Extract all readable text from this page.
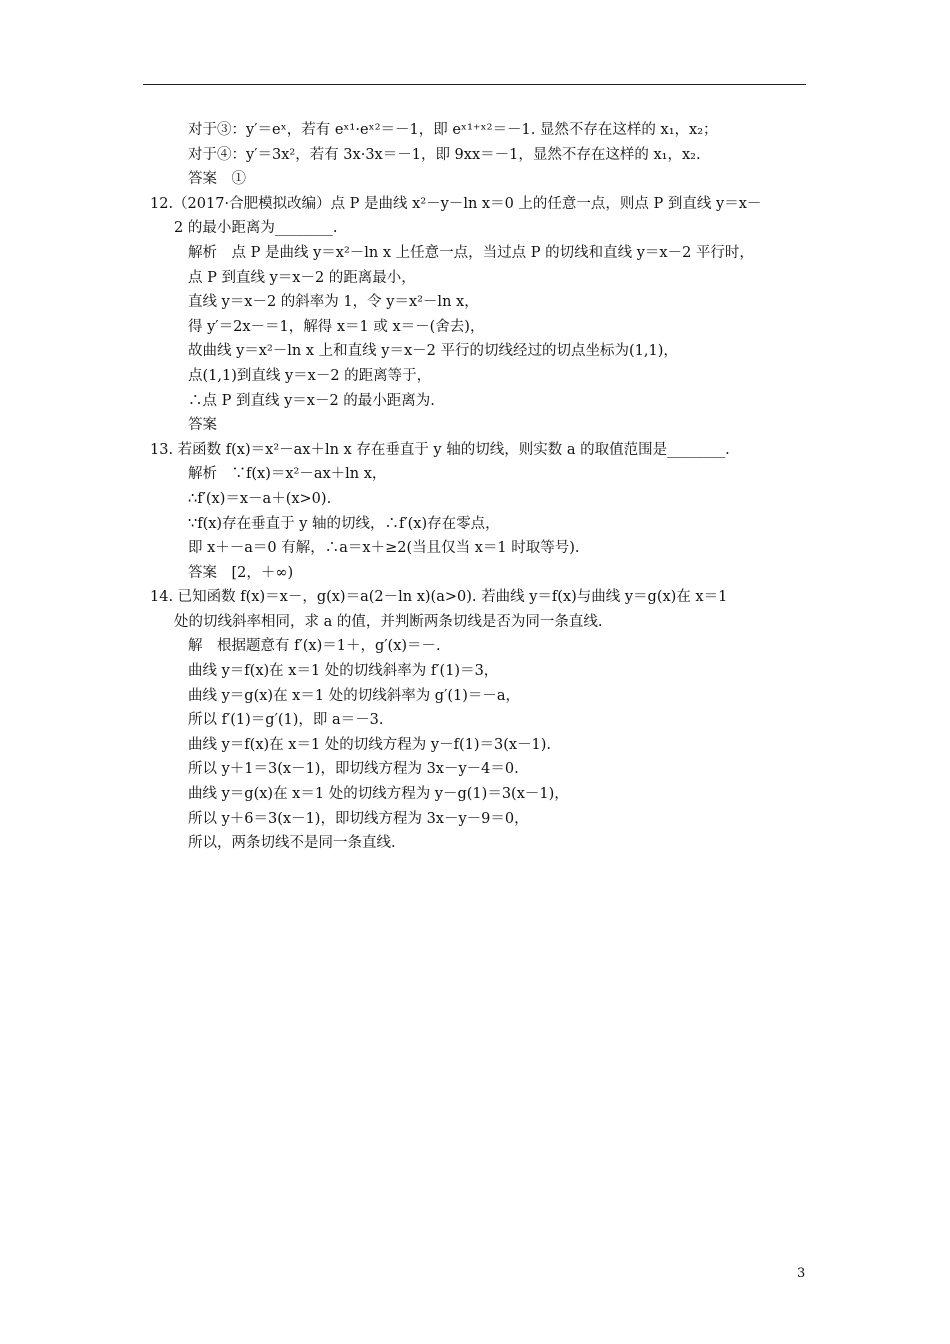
对于③：y′＝eˣ，若有 eˣ¹·eˣ²＝－1，即 eˣ¹⁺ˣ²＝－1. 显然不存在这样的 x₁，x₂；
对于④：y′＝3x²，若有 3x·3x＝－1，即 9xx＝－1，显然不存在这样的 x₁，x₂.
答案　①
12.（2017·合肥模拟改编）点 P 是曲线 x²－y－ln x＝0 上的任意一点，则点 P 到直线 y＝x－
2 的最小距离为________.
解析　点 P 是曲线 y＝x²－ln x 上任意一点，当过点 P 的切线和直线 y＝x－2 平行时，
点 P 到直线 y＝x－2 的距离最小，
直线 y＝x－2 的斜率为 1，令 y＝x²－ln x，
得 y′＝2x－＝1，解得 x＝1 或 x＝－(舍去)，
故曲线 y＝x²－ln x 上和直线 y＝x－2 平行的切线经过的切点坐标为(1,1)，
点(1,1)到直线 y＝x－2 的距离等于，
∴点 P 到直线 y＝x－2 的最小距离为.
答案
13. 若函数 f(x)＝x²－ax＋ln x 存在垂直于 y 轴的切线，则实数 a 的取值范围是________.
解析　∵f(x)＝x²－ax＋ln x，
∴f′(x)＝x－a＋(x>0).
∵f(x)存在垂直于 y 轴的切线，∴f′(x)存在零点，
即 x＋－a＝0 有解，∴a＝x＋≥2(当且仅当 x＝1 时取等号).
答案　[2，＋∞)
14. 已知函数 f(x)＝x－，g(x)＝a(2－ln x)(a>0). 若曲线 y＝f(x)与曲线 y＝g(x)在 x＝1
处的切线斜率相同，求 a 的值，并判断两条切线是否为同一条直线.
解　根据题意有 f′(x)＝1＋，g′(x)＝－.
曲线 y＝f(x)在 x＝1 处的切线斜率为 f′(1)＝3，
曲线 y＝g(x)在 x＝1 处的切线斜率为 g′(1)＝－a，
所以 f′(1)＝g′(1)，即 a＝－3.
曲线 y＝f(x)在 x＝1 处的切线方程为 y－f(1)＝3(x－1).
所以 y＋1＝3(x－1)，即切线方程为 3x－y－4＝0.
曲线 y＝g(x)在 x＝1 处的切线方程为 y－g(1)＝3(x－1)，
所以 y＋6＝3(x－1)，即切线方程为 3x－y－9＝0，
所以，两条切线不是同一条直线.
3
